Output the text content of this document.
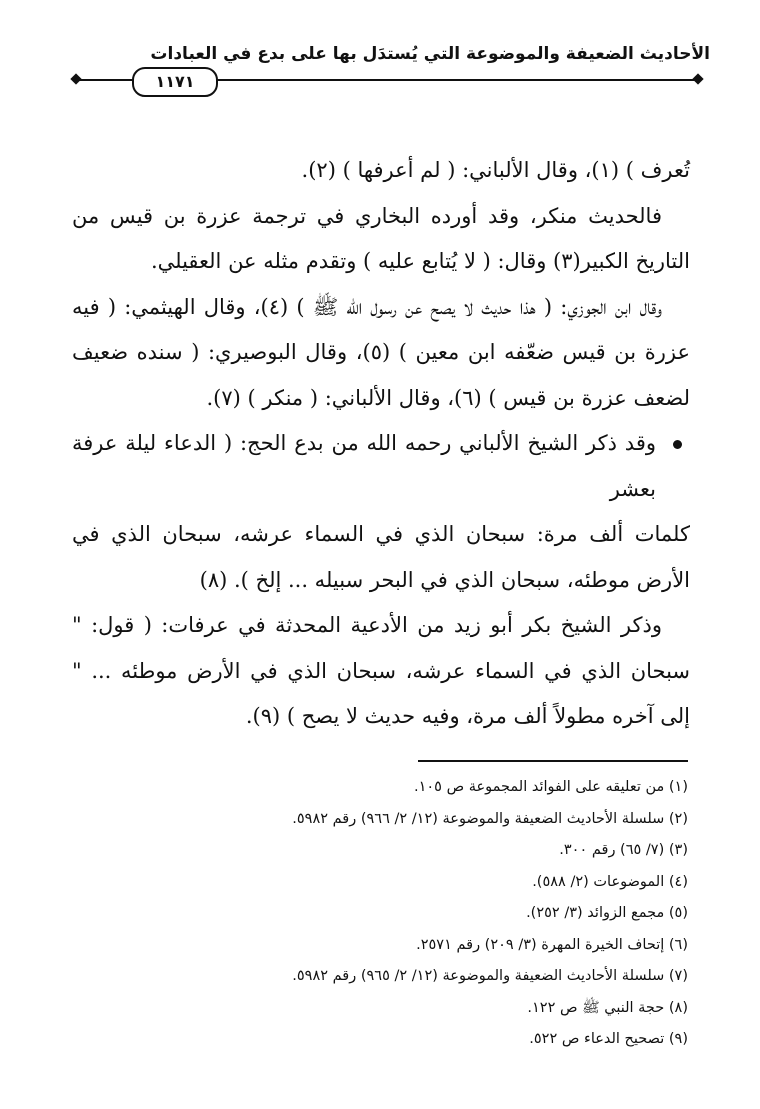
الأحاديث الضعيفة والموضوعة التي يُستدَل بها على بدع في العبادات
١١٧١

تُعرف ) (١)، وقال الألباني: ( لم أعرفها ) (٢).

فالحديث منكر، وقد أورده البخاري في ترجمة عزرة بن قيس من التاريخ الكبير(٣) وقال: ( لا يُتابع عليه ) وتقدم مثله عن العقيلي.

وقال ابن الجوزي: ( هذا حديث لا يصح عن رسول الله ﷺ ) (٤)، وقال الهيثمي: ( فيه عزرة بن قيس ضعّفه ابن معين ) (٥)، وقال البوصيري: ( سنده ضعيف لضعف عزرة بن قيس ) (٦)، وقال الألباني: ( منكر ) (٧).

وقد ذكر الشيخ الألباني رحمه الله من بدع الحج: ( الدعاء ليلة عرفة بعشر

كلمات ألف مرة: سبحان الذي في السماء عرشه، سبحان الذي في الأرض موطئه، سبحان الذي في البحر سبيله ... إلخ ). (٨)

وذكر الشيخ بكر أبو زيد من الأدعية المحدثة في عرفات: ( قول: " سبحان الذي في السماء عرشه، سبحان الذي في الأرض موطئه ... " إلى آخره مطولاً ألف مرة، وفيه حديث لا يصح ) (٩).

(١) من تعليقه على الفوائد المجموعة ص ١٠٥.
(٢) سلسلة الأحاديث الضعيفة والموضوعة (١٢/ ٢/ ٩٦٦) رقم ٥٩٨٢.
(٣) (٧/ ٦٥) رقم ٣٠٠.
(٤) الموضوعات (٢/ ٥٨٨).
(٥) مجمع الزوائد (٣/ ٢٥٢).
(٦) إتحاف الخيرة المهرة (٣/ ٢٠٩) رقم ٢٥٧١.
(٧) سلسلة الأحاديث الضعيفة والموضوعة (١٢/ ٢/ ٩٦٥) رقم ٥٩٨٢.
(٨) حجة النبي ﷺ ص ١٢٢.
(٩) تصحيح الدعاء ص ٥٢٢.
